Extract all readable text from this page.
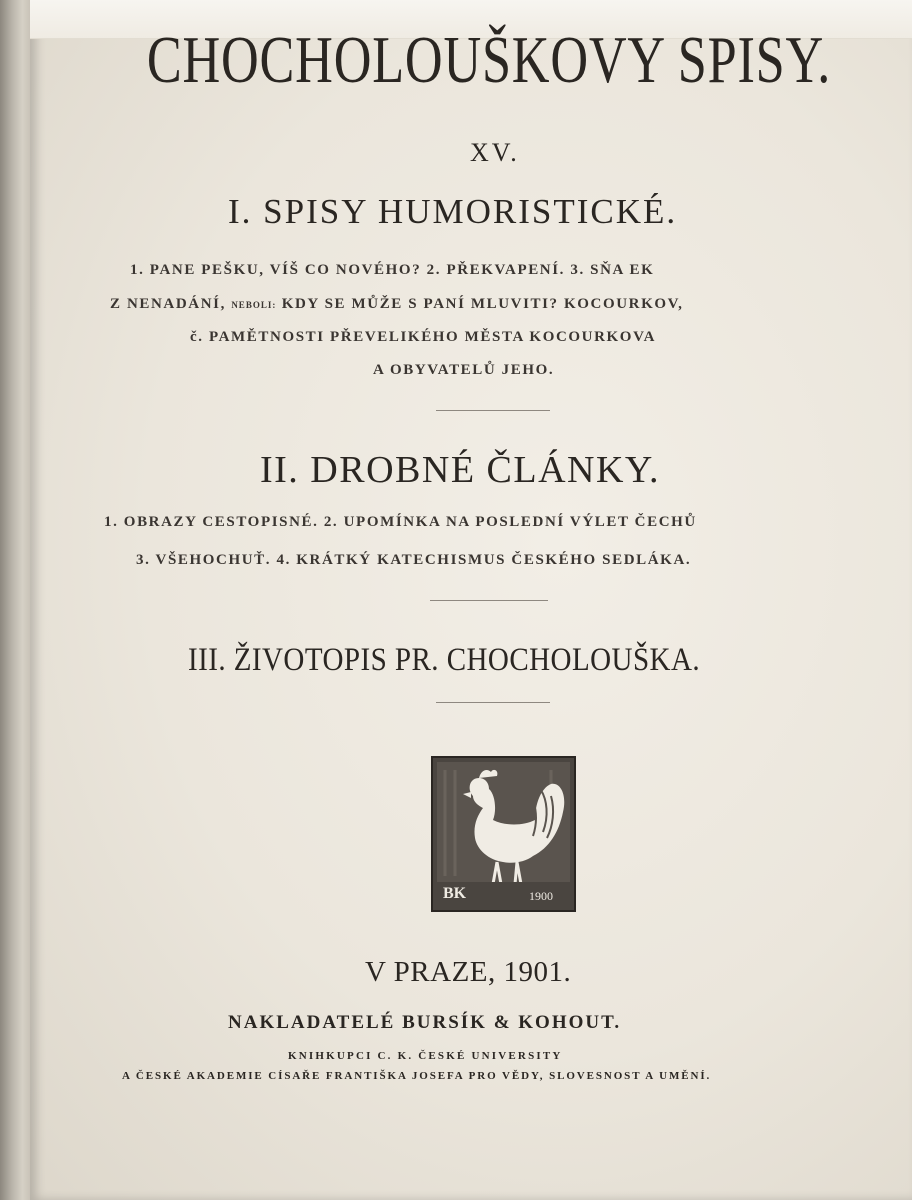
CHOCHOLOUŠKOVY SPISY.
XV.
I. SPISY HUMORISTICKÉ.
1. PANE PEŠKU, VÍŠ CO NOVÉHO? 2. PŘEKVAPENÍ. 3. SŇA EK
Z NENADÁNÍ, NEBOLI: KDY SE MŮŽE S PANÍ MLUVITI? KOCOURKOV,
č. PAMĚTNOSTI PŘEVELIKÉHO MĚSTA KOCOURKOVA
A OBYVATELŮ JEHO.
II. DROBNÉ ČLÁNKY.
1. OBRAZY CESTOPISNÉ. 2. UPOMÍNKA NA POSLEDNÍ VÝLET ČECHŮ
3. VŠEHOCHUŤ. 4. KRÁTKÝ KATECHISMUS ČESKÉHO SEDLÁKA.
III. ŽIVOTOPIS PR. CHOCHOLOUŠKA.
BK	1900
V PRAZE, 1901.
NAKLADATELÉ BURSÍK & KOHOUT.
KNIHKUPCI C. K. ČESKÉ UNIVERSITY
A ČESKÉ AKADEMIE CÍSAŘE FRANTIŠKA JOSEFA PRO VĚDY, SLOVESNOST A UMĚNÍ.
